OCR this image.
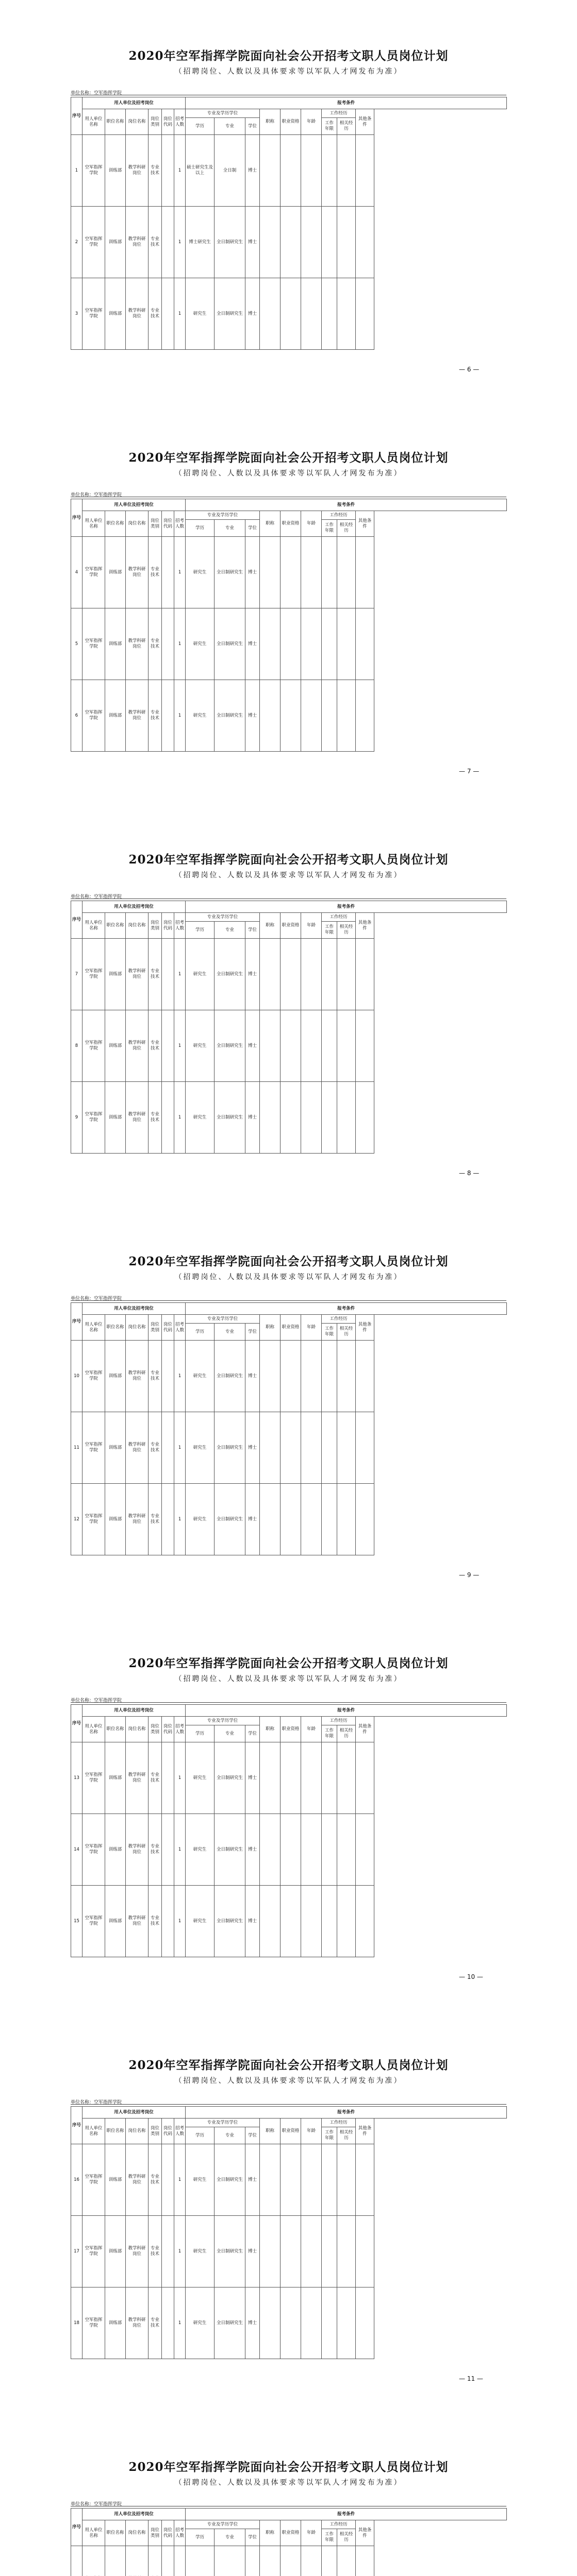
2020年空军指挥学院面向社会公开招考文职人员岗位计划
（招聘岗位、人数以及具体要求等以军队人才网发布为准）
单位名称：空军指挥学院
序号	用人单位及招考岗位						报考条件								
	用人单位名称	职位名称	岗位名称	岗位类别	岗位代码	招考人数	专业及学历学位			职称	职业资格	年龄	工作经历		其他条件
							学历	专业	学位				工作年限	相关经历	
1	空军指挥学院	训练部	教学科研岗位	专业技术		1	硕士研究生及以上	全日制	博士						
2	空军指挥学院	训练部	教学科研岗位	专业技术		1	博士研究生	全日制研究生	博士						
3	空军指挥学院	训练部	教学科研岗位	专业技术		1	研究生	全日制研究生	博士						
— 6 —
2020年空军指挥学院面向社会公开招考文职人员岗位计划
（招聘岗位、人数以及具体要求等以军队人才网发布为准）
单位名称：空军指挥学院
序号	用人单位及招考岗位						报考条件								
	用人单位名称	职位名称	岗位名称	岗位类别	岗位代码	招考人数	专业及学历学位			职称	职业资格	年龄	工作经历		其他条件
							学历	专业	学位				工作年限	相关经历	
4	空军指挥学院	训练部	教学科研岗位	专业技术		1	研究生	全日制研究生	博士						
5	空军指挥学院	训练部	教学科研岗位	专业技术		1	研究生	全日制研究生	博士						
6	空军指挥学院	训练部	教学科研岗位	专业技术		1	研究生	全日制研究生	博士						
— 7 —
2020年空军指挥学院面向社会公开招考文职人员岗位计划
（招聘岗位、人数以及具体要求等以军队人才网发布为准）
单位名称：空军指挥学院
序号	用人单位及招考岗位						报考条件								
	用人单位名称	职位名称	岗位名称	岗位类别	岗位代码	招考人数	专业及学历学位			职称	职业资格	年龄	工作经历		其他条件
							学历	专业	学位				工作年限	相关经历	
7	空军指挥学院	训练部	教学科研岗位	专业技术		1	研究生	全日制研究生	博士						
8	空军指挥学院	训练部	教学科研岗位	专业技术		1	研究生	全日制研究生	博士						
9	空军指挥学院	训练部	教学科研岗位	专业技术		1	研究生	全日制研究生	博士						
— 8 —
2020年空军指挥学院面向社会公开招考文职人员岗位计划
（招聘岗位、人数以及具体要求等以军队人才网发布为准）
单位名称：空军指挥学院
序号	用人单位及招考岗位						报考条件								
	用人单位名称	职位名称	岗位名称	岗位类别	岗位代码	招考人数	专业及学历学位			职称	职业资格	年龄	工作经历		其他条件
							学历	专业	学位				工作年限	相关经历	
10	空军指挥学院	训练部	教学科研岗位	专业技术		1	研究生	全日制研究生	博士						
11	空军指挥学院	训练部	教学科研岗位	专业技术		1	研究生	全日制研究生	博士						
12	空军指挥学院	训练部	教学科研岗位	专业技术		1	研究生	全日制研究生	博士						
— 9 —
2020年空军指挥学院面向社会公开招考文职人员岗位计划
（招聘岗位、人数以及具体要求等以军队人才网发布为准）
单位名称：空军指挥学院
序号	用人单位及招考岗位						报考条件								
	用人单位名称	职位名称	岗位名称	岗位类别	岗位代码	招考人数	专业及学历学位			职称	职业资格	年龄	工作经历		其他条件
							学历	专业	学位				工作年限	相关经历	
13	空军指挥学院	训练部	教学科研岗位	专业技术		1	研究生	全日制研究生	博士						
14	空军指挥学院	训练部	教学科研岗位	专业技术		1	研究生	全日制研究生	博士						
15	空军指挥学院	训练部	教学科研岗位	专业技术		1	研究生	全日制研究生	博士						
— 10 —
2020年空军指挥学院面向社会公开招考文职人员岗位计划
（招聘岗位、人数以及具体要求等以军队人才网发布为准）
单位名称：空军指挥学院
序号	用人单位及招考岗位						报考条件								
	用人单位名称	职位名称	岗位名称	岗位类别	岗位代码	招考人数	专业及学历学位			职称	职业资格	年龄	工作经历		其他条件
							学历	专业	学位				工作年限	相关经历	
16	空军指挥学院	训练部	教学科研岗位	专业技术		1	研究生	全日制研究生	博士						
17	空军指挥学院	训练部	教学科研岗位	专业技术		1	研究生	全日制研究生	博士						
18	空军指挥学院	训练部	教学科研岗位	专业技术		1	研究生	全日制研究生	博士						
— 11 —
2020年空军指挥学院面向社会公开招考文职人员岗位计划
（招聘岗位、人数以及具体要求等以军队人才网发布为准）
单位名称：空军指挥学院
序号	用人单位及招考岗位						报考条件								
	用人单位名称	职位名称	岗位名称	岗位类别	岗位代码	招考人数	专业及学历学位			职称	职业资格	年龄	工作经历		其他条件
							学历	专业	学位				工作年限	相关经历	
